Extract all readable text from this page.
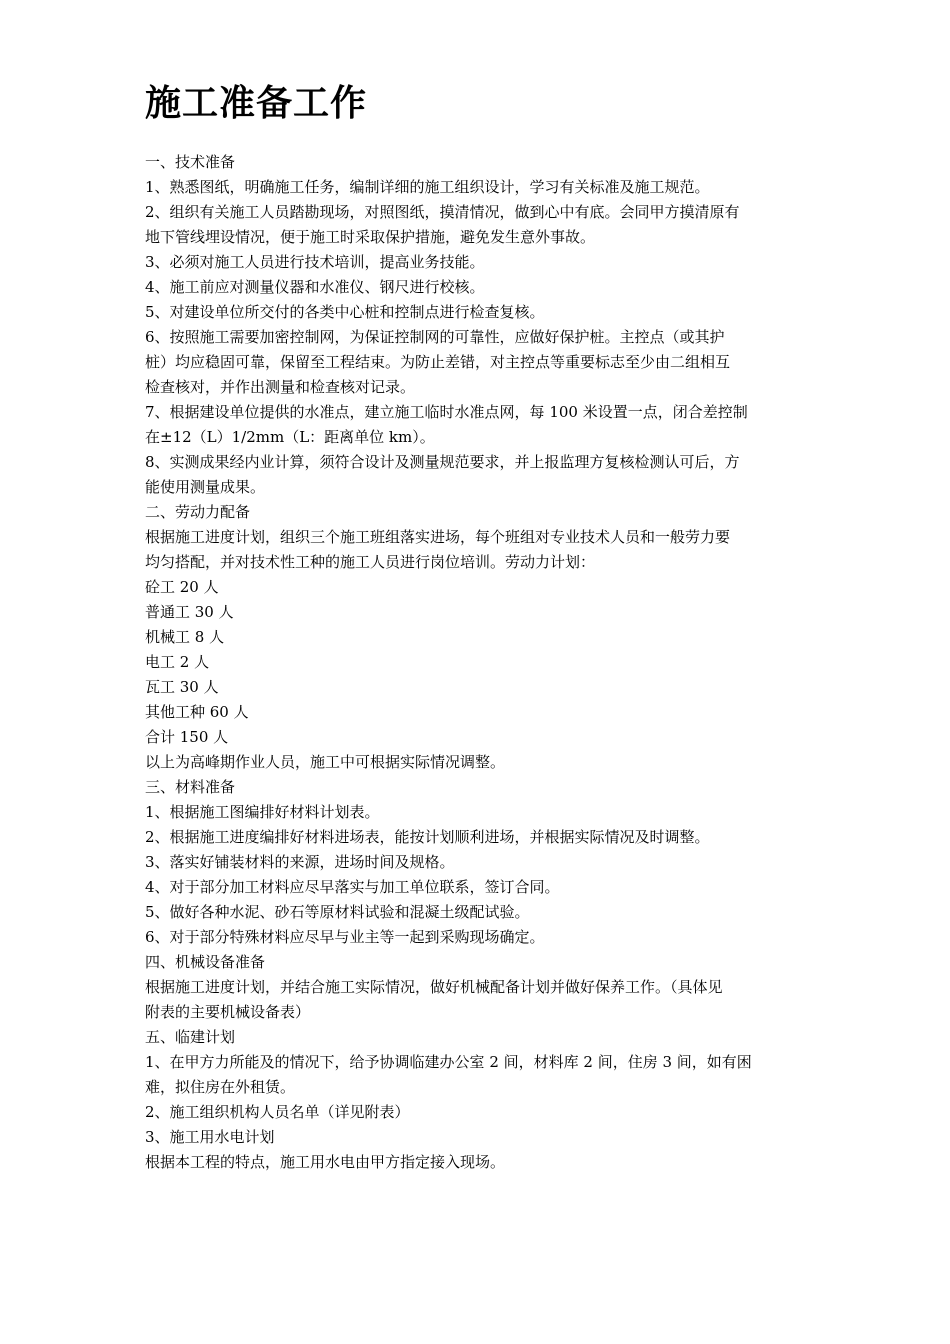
施工准备工作
一、技术准备
1、熟悉图纸，明确施工任务，编制详细的施工组织设计，学习有关标准及施工规范。
2、组织有关施工人员踏勘现场，对照图纸，摸清情况，做到心中有底。会同甲方摸清原有
地下管线埋设情况，便于施工时采取保护措施，避免发生意外事故。
3、必须对施工人员进行技术培训，提高业务技能。
4、施工前应对测量仪器和水准仪、钢尺进行校核。
5、对建设单位所交付的各类中心桩和控制点进行检查复核。
6、按照施工需要加密控制网，为保证控制网的可靠性，应做好保护桩。主控点（或其护
桩）均应稳固可靠，保留至工程结束。为防止差错，对主控点等重要标志至少由二组相互
检查核对，并作出测量和检查核对记录。
7、根据建设单位提供的水准点，建立施工临时水准点网，每 100 米设置一点，闭合差控制
在±12（L）1/2mm（L：距离单位 km）。
8、实测成果经内业计算，须符合设计及测量规范要求，并上报监理方复核检测认可后，方
能使用测量成果。
二、劳动力配备
根据施工进度计划，组织三个施工班组落实进场，每个班组对专业技术人员和一般劳力要
均匀搭配，并对技术性工种的施工人员进行岗位培训。劳动力计划：
砼工 20 人
普通工 30 人
机械工 8 人
电工 2 人
瓦工 30 人
其他工种 60 人
合计 150 人
以上为高峰期作业人员，施工中可根据实际情况调整。
三、材料准备
1、根据施工图编排好材料计划表。
2、根据施工进度编排好材料进场表，能按计划顺利进场，并根据实际情况及时调整。
3、落实好铺装材料的来源，进场时间及规格。
4、对于部分加工材料应尽早落实与加工单位联系，签订合同。
5、做好各种水泥、砂石等原材料试验和混凝土级配试验。
6、对于部分特殊材料应尽早与业主等一起到采购现场确定。
四、机械设备准备
根据施工进度计划，并结合施工实际情况，做好机械配备计划并做好保养工作。（具体见
附表的主要机械设备表）
五、临建计划
1、在甲方力所能及的情况下，给予协调临建办公室 2 间，材料库 2 间，住房 3 间，如有困
难，拟住房在外租赁。
2、施工组织机构人员名单（详见附表）
3、施工用水电计划
根据本工程的特点，施工用水电由甲方指定接入现场。
